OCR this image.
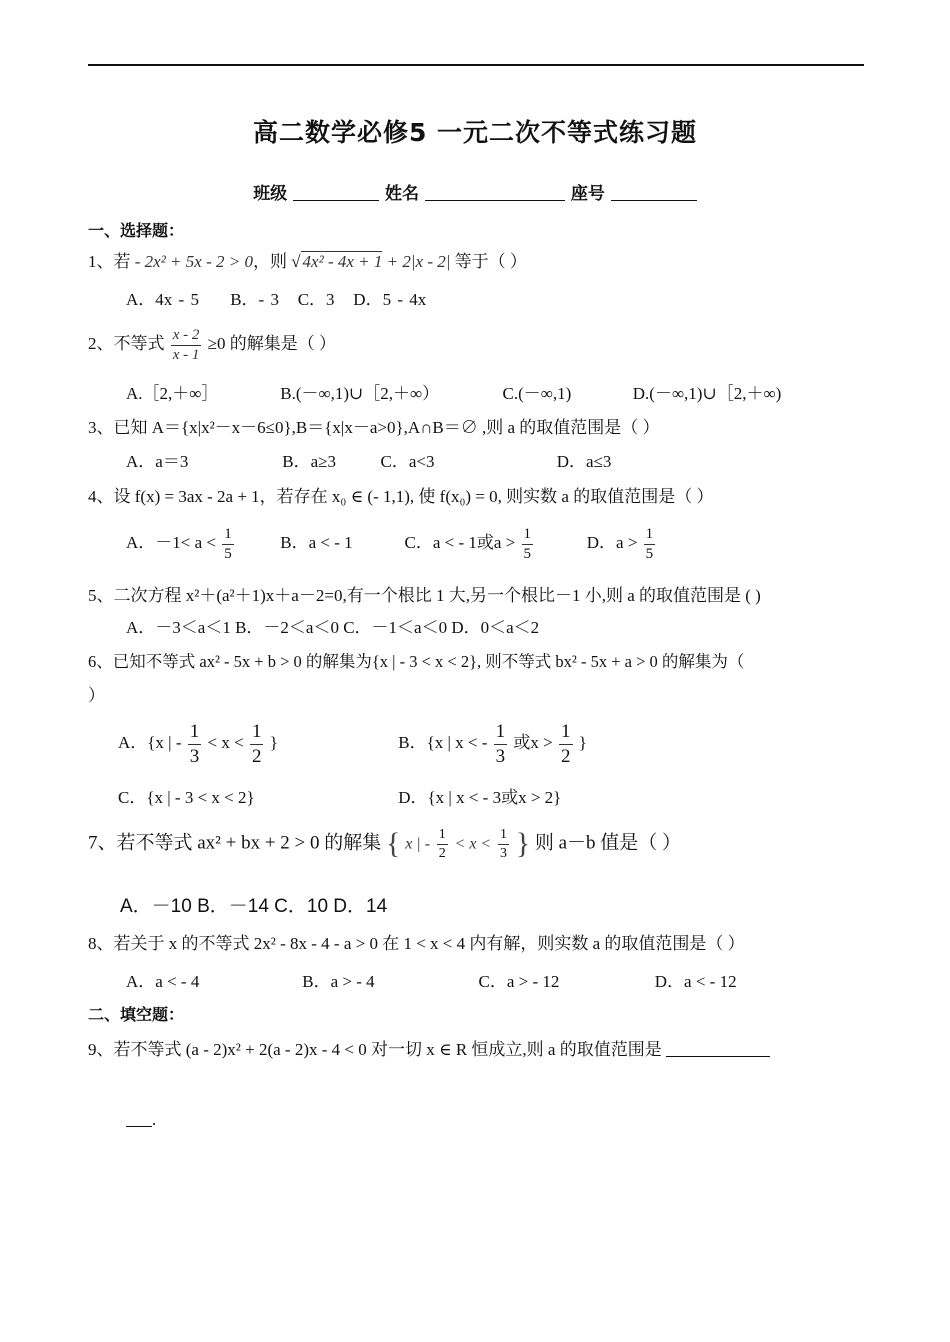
高二数学必修5 一元二次不等式练习题
班级	姓名	座号
一、选择题：
1、若 - 2x² + 5x - 2 > 0，则 √ 4x² - 4x + 1 + 2|x - 2| 等于（ ）
A．4x - 5 B．- 3 C．3 D．5 - 4x
2、不等式 $\frac{x - 2}{x - 1} \ge 0$ 的解集是（ ）
A.［2,＋∞］	B.(－∞,1)∪［2,＋∞）	C.(－∞,1)	D.(－∞,1)∪［2,＋∞)
3、已知 A＝{x|x²－x－6≤0},B＝{x|x－a>0},A∩B＝∅ ,则 a 的取值范围是（ ）
A．a＝3	B．a≥3	C．a<3	D．a≤3
4、设 f(x) = 3ax - 2a + 1，若存在 x₀ ∈ (- 1,1), 使 f(x₀) = 0, 则实数 a 的取值范围是（ ）
A．$-1< a < \frac{1}{5}$	B．a < - 1	C．a < - 1或$a > \frac{1}{5}$	D．$a > \frac{1}{5}$
5、二次方程 x²＋(a²＋1)x＋a－2=0,有一个根比 1 大,另一个根比－1 小,则 a 的取值范围是 ( )
A．－3＜a＜1 B．－2＜a＜0 C．－1＜a＜0 D．0＜a＜2
6、已知不等式 ax² - 5x + b > 0 的解集为{x | - 3 < x < 2}, 则不等式 bx² - 5x + a > 0 的解集为（
）
A．{x | - $\frac{1}{3} < x < \frac{1}{2}$ }	B．{x | x < - $\frac{1}{3}$ 或$x > \frac{1}{2}$ }
C．{x | - 3 < x < 2}	D．{x | x < - 3或x > 2}
7、若不等式 ax² + bx + 2 > 0 的解集 { x | - $\frac{1}{2} < x < \frac{1}{3}$ } 则 a－b 值是（ ）
A．－10 B．－14 C．10 D．14
8、若关于 x 的不等式 2x² - 8x - 4 - a > 0 在 1 < x < 4 内有解，则实数 a 的取值范围是（ ）
A．a < - 4	B．a > - 4	C．a > - 12	D．a < - 12
二、填空题：
9、若不等式 (a - 2)x² + 2(a - 2)x - 4 < 0 对一切 x ∈ R 恒成立,则 a 的取值范围是
.
